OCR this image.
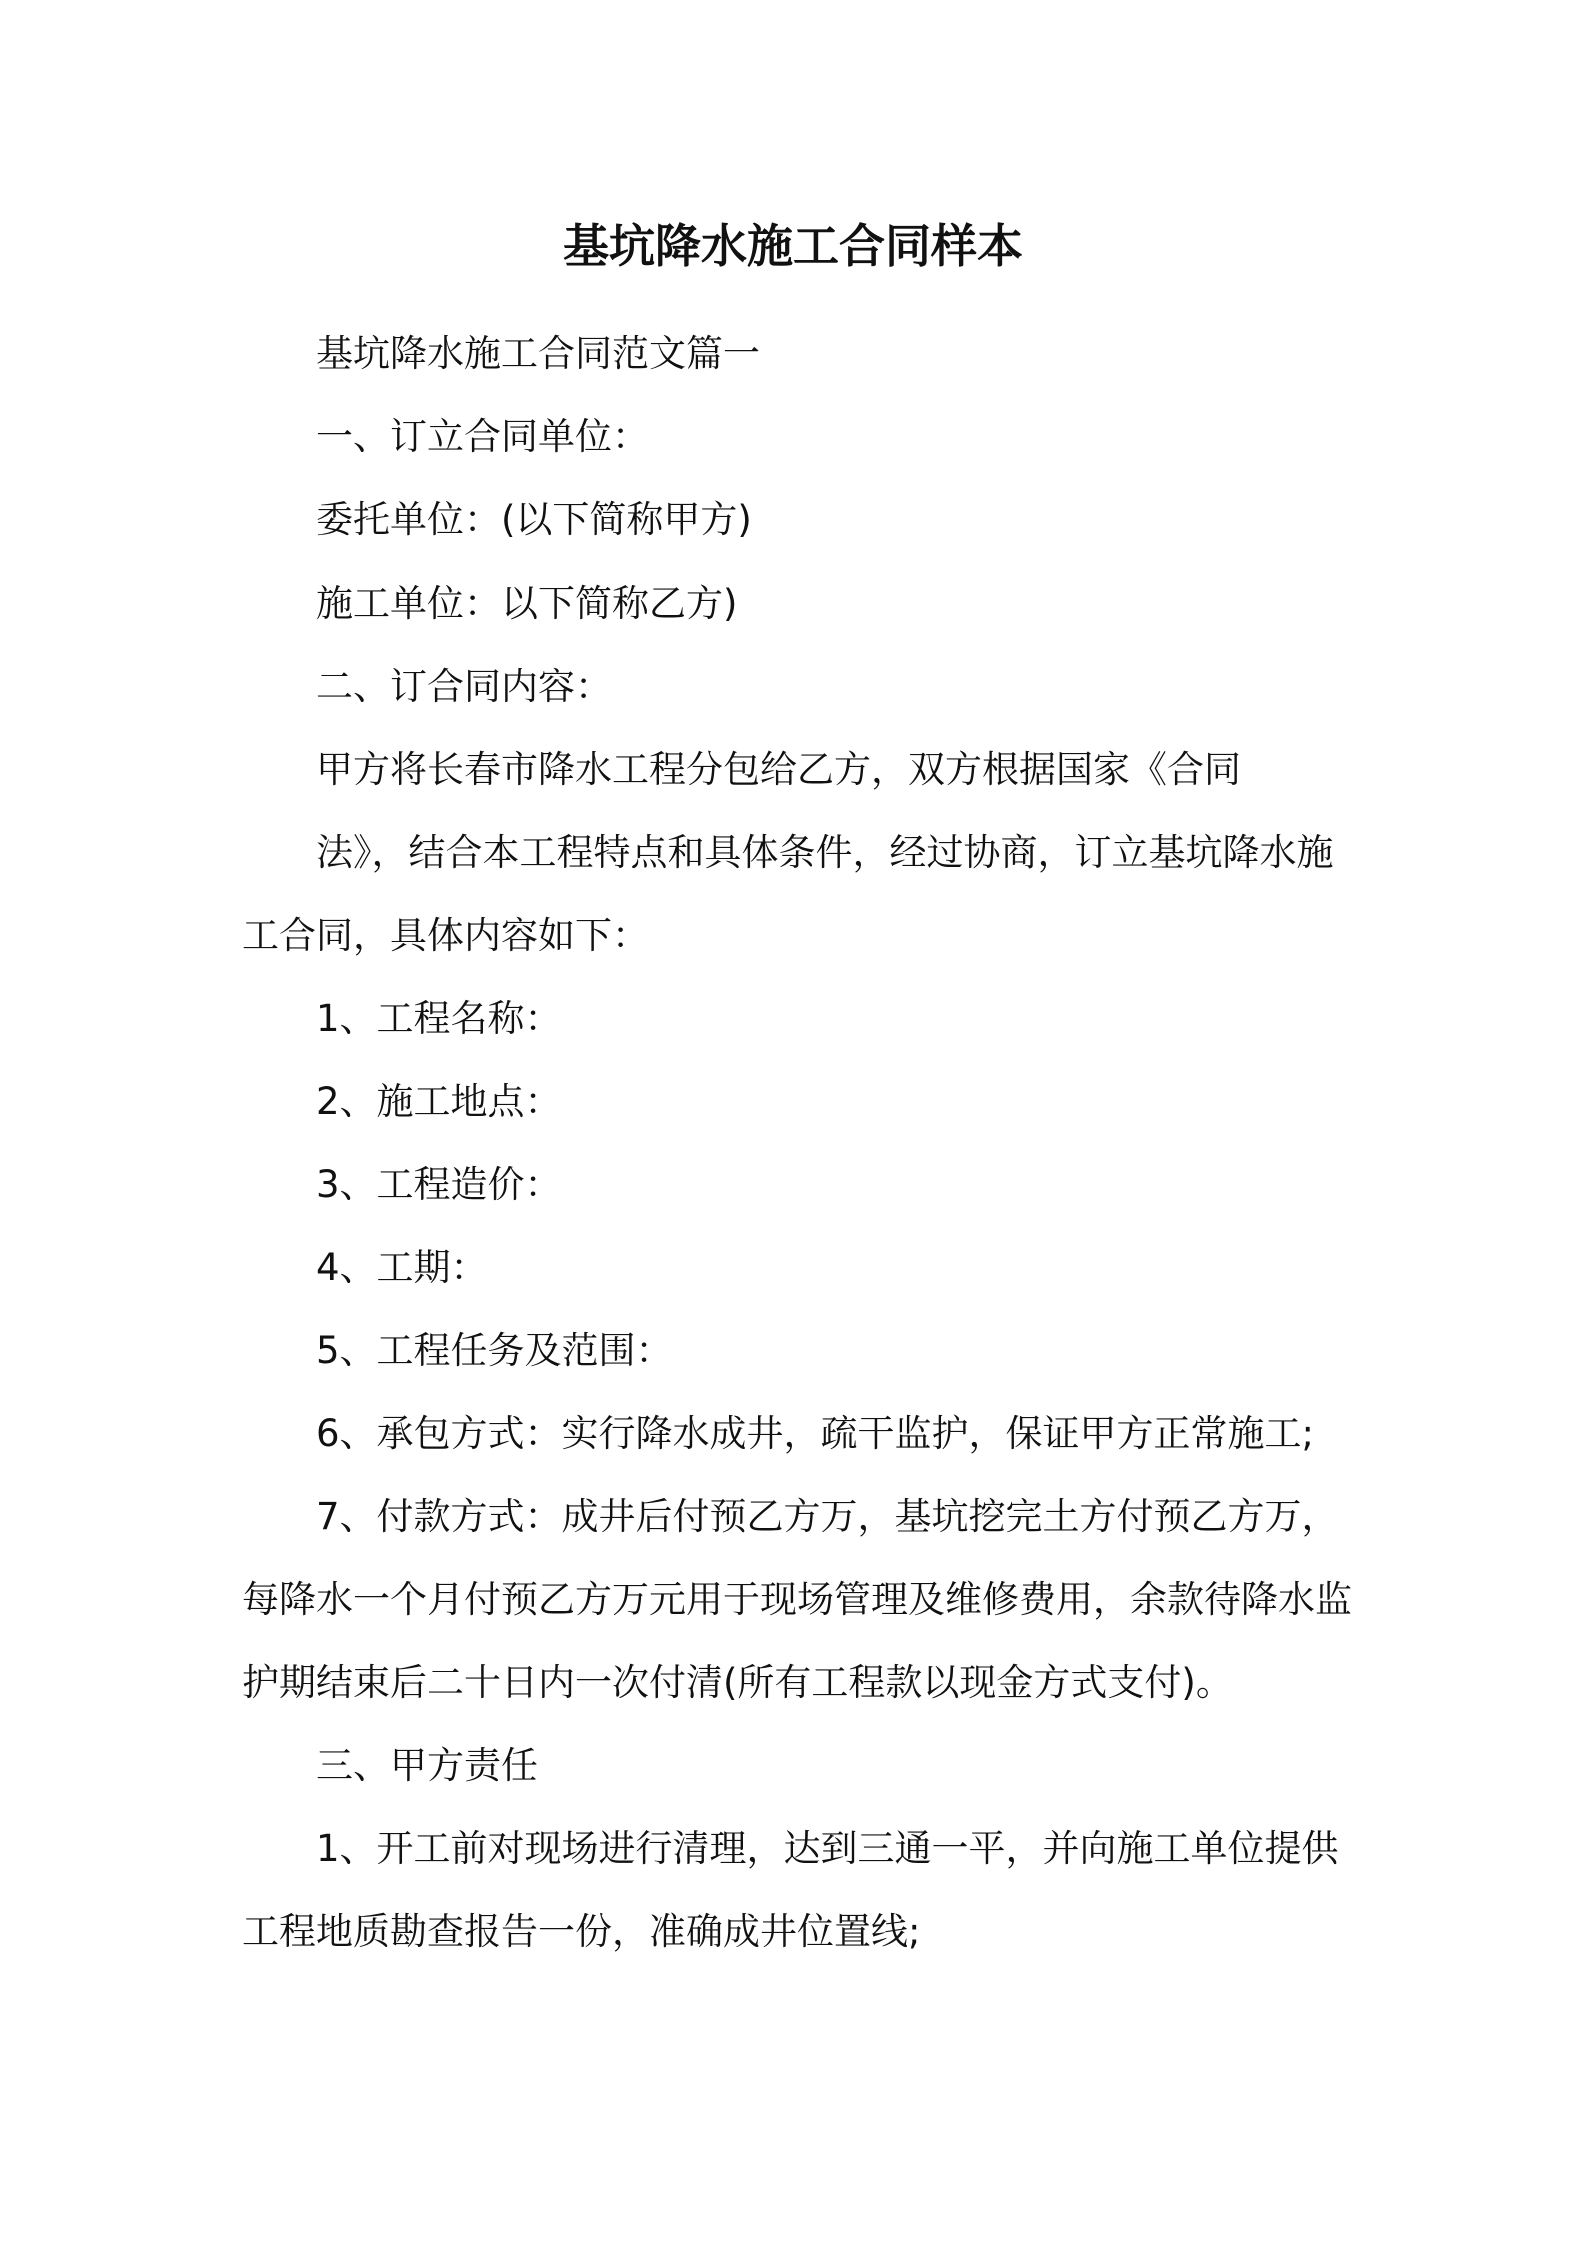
基坑降水施工合同样本

基坑降水施工合同范文篇一

一、订立合同单位：

委托单位：(以下简称甲方)

施工单位：以下简称乙方)

二、订合同内容：

甲方将长春市降水工程分包给乙方，双方根据国家《合同

法》，结合本工程特点和具体条件，经过协商，订立基坑降水施

工合同，具体内容如下：

1、工程名称：

2、施工地点：

3、工程造价：

4、工期：

5、工程任务及范围：

6、承包方式：实行降水成井，疏干监护，保证甲方正常施工;

7、付款方式：成井后付预乙方万，基坑挖完土方付预乙方万，

每降水一个月付预乙方万元用于现场管理及维修费用，余款待降水监

护期结束后二十日内一次付清(所有工程款以现金方式支付)。

三、甲方责任

1、开工前对现场进行清理，达到三通一平，并向施工单位提供

工程地质勘查报告一份，准确成井位置线;
